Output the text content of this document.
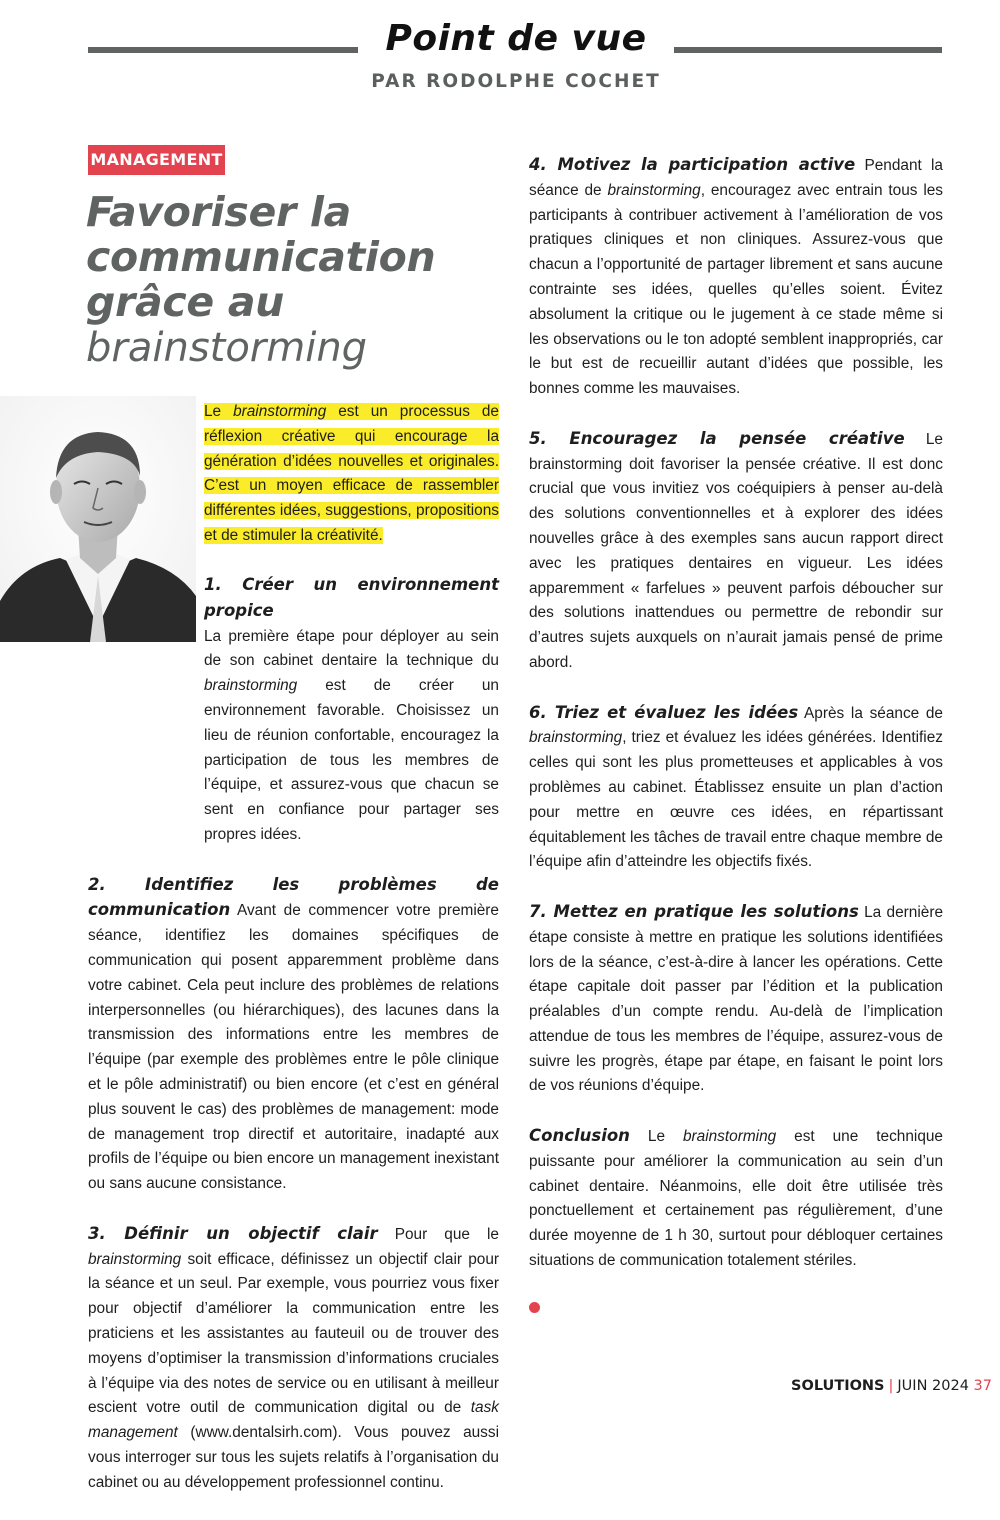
Point de vue
PAR RODOLPHE COCHET
MANAGEMENT
Favoriser la
communication
grâce au
brainstorming
Le brainstorming est un processus de réflexion créative qui encourage la génération d’idées nouvelles et originales. C’est un moyen efficace de rassembler différentes idées, suggestions, propositions et de stimuler la créativité.

1. Créer un environnement propice
La première étape pour déployer au sein de son cabinet dentaire la technique du brainstorming est de créer un environnement favorable. Choisissez un lieu de réunion confortable, encouragez la participation de tous les membres de l’équipe, et assurez-vous que chacun se sent en confiance pour partager ses propres idées.

2. Identifiez les problèmes de communication Avant de commencer votre première séance, identifiez les domaines spécifiques de communication qui posent apparemment problème dans votre cabinet. Cela peut inclure des problèmes de relations interpersonnelles (ou hiérarchiques), des lacunes dans la transmission des informations entre les membres de l’équipe (par exemple des problèmes entre le pôle clinique et le pôle administratif) ou bien encore (et c’est en général plus souvent le cas) des problèmes de management: mode de management trop directif et autoritaire, inadapté aux profils de l’équipe ou bien encore un management inexistant ou sans aucune consistance.

3. Définir un objectif clair Pour que le brainstorming soit efficace, définissez un objectif clair pour la séance et un seul. Par exemple, vous pourriez vous fixer pour objectif d’améliorer la communication entre les praticiens et les assistantes au fauteuil ou de trouver des moyens d’optimiser la transmission d’informations cruciales à l’équipe via des notes de service ou en utilisant à meilleur escient votre outil de communication digital ou de task management (www.dentalsirh.com). Vous pouvez aussi vous interroger sur tous les sujets relatifs à l’organisation du cabinet ou au développement professionnel continu.

4. Motivez la participation active Pendant la séance de brainstorming, encouragez avec entrain tous les participants à contribuer activement à l’amélioration de vos pratiques cliniques et non cliniques. Assurez-vous que chacun a l’opportunité de partager librement et sans aucune contrainte ses idées, quelles qu’elles soient. Évitez absolument la critique ou le jugement à ce stade même si les observations ou le ton adopté semblent inappropriés, car le but est de recueillir autant d’idées que possible, les bonnes comme les mauvaises.

5. Encouragez la pensée créative Le brainstorming doit favoriser la pensée créative. Il est donc crucial que vous invitiez vos coéquipiers à penser au-delà des solutions conventionnelles et à explorer des idées nouvelles grâce à des exemples sans aucun rapport direct avec les pratiques dentaires en vigueur. Les idées apparemment « farfelues » peuvent parfois déboucher sur des solutions inattendues ou permettre de rebondir sur d’autres sujets auxquels on n’aurait jamais pensé de prime abord.

6. Triez et évaluez les idées Après la séance de brainstorming, triez et évaluez les idées générées. Identifiez celles qui sont les plus prometteuses et applicables à vos problèmes au cabinet. Établissez ensuite un plan d’action pour mettre en œuvre ces idées, en répartissant équitablement les tâches de travail entre chaque membre de l’équipe afin d’atteindre les objectifs fixés.

7. Mettez en pratique les solutions La dernière étape consiste à mettre en pratique les solutions identifiées lors de la séance, c’est-à-dire à lancer les opérations. Cette étape capitale doit passer par l’édition et la publication préalables d’un compte rendu. Au-delà de l’implication attendue de tous les membres de l’équipe, assurez-vous de suivre les progrès, étape par étape, en faisant le point lors de vos réunions d’équipe.

Conclusion Le brainstorming est une technique puissante pour améliorer la communication au sein d’un cabinet dentaire. Néanmoins, elle doit être utilisée très ponctuellement et certainement pas régulièrement, d’une durée moyenne de 1 h 30, surtout pour débloquer certaines situations de communication totalement stériles.

SOLUTIONS | JUIN 2024 37
